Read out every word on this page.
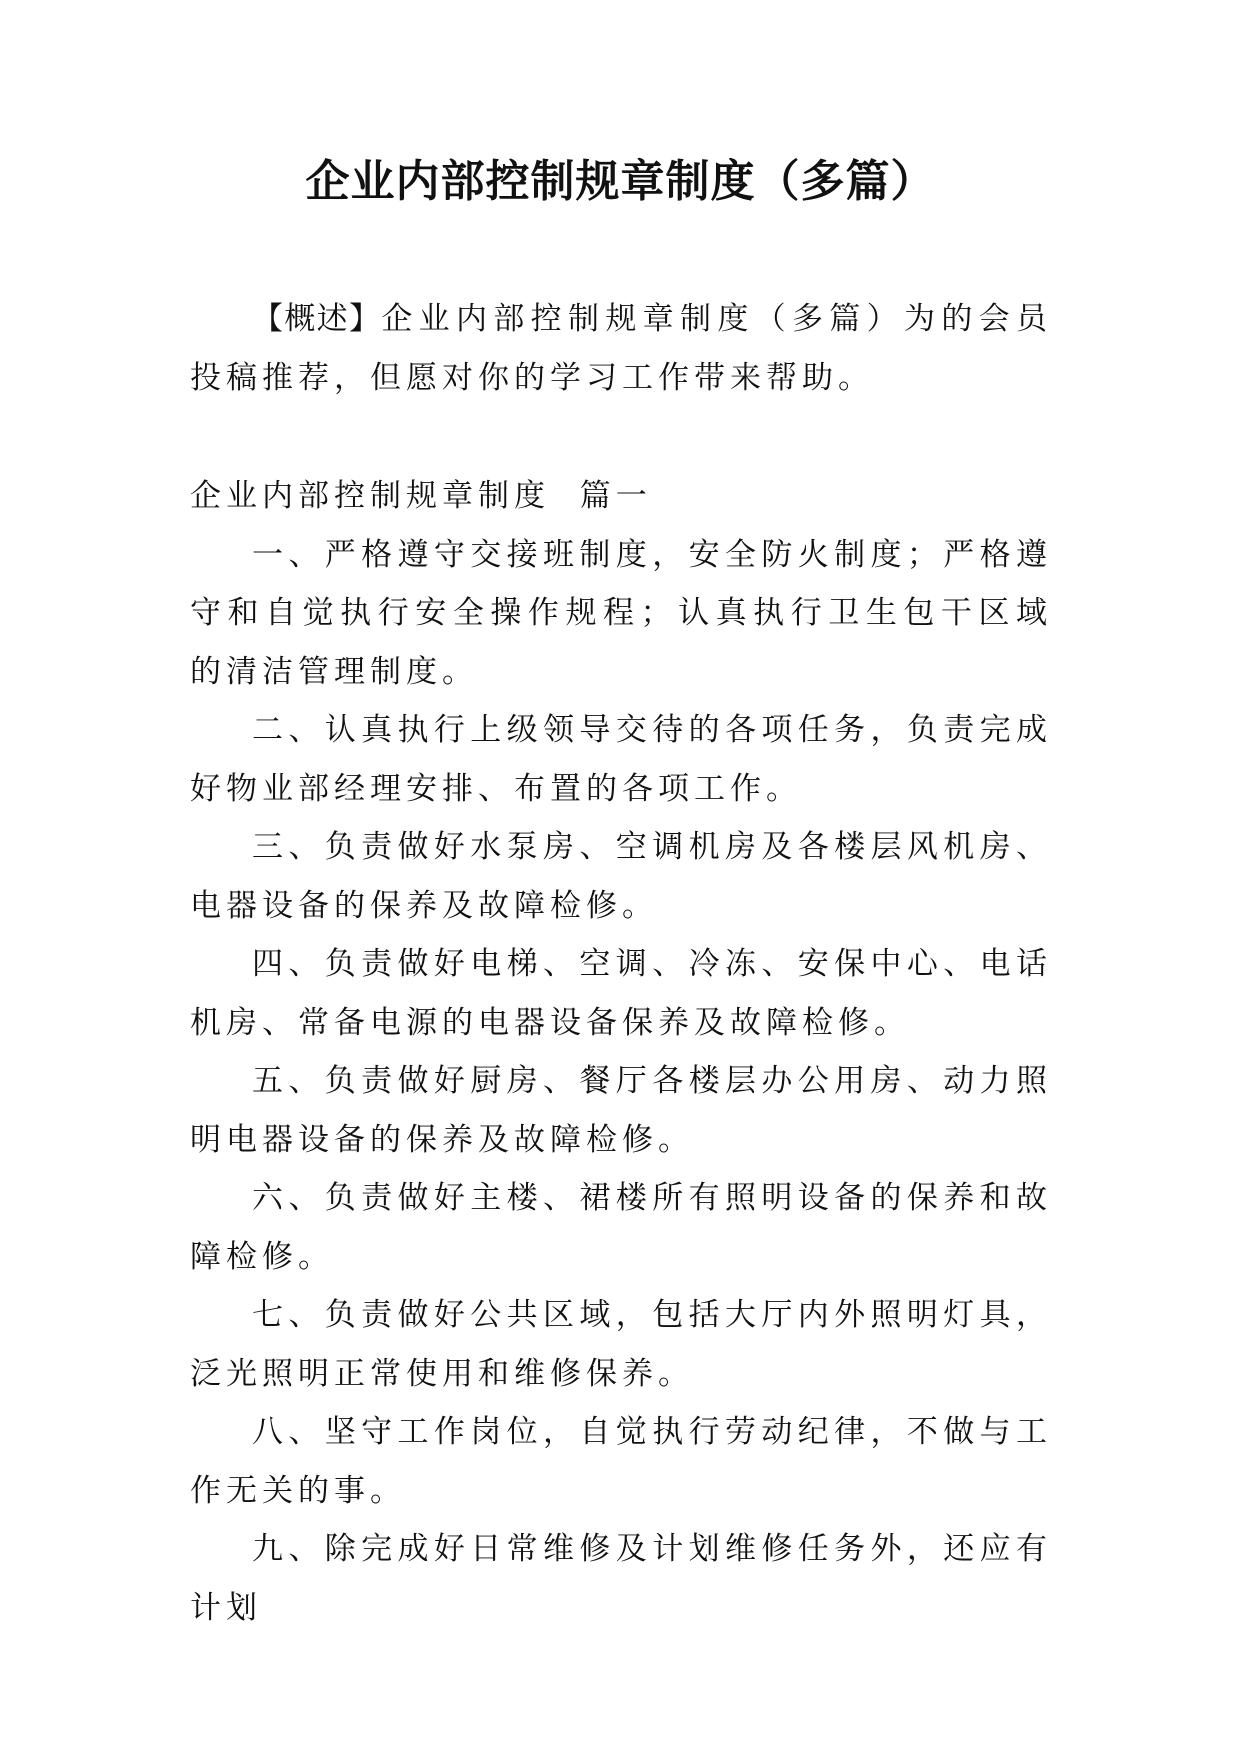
企业内部控制规章制度（多篇）

【概述】企业内部控制规章制度（多篇）为的会员投稿推荐，但愿对你的学习工作带来帮助。

企业内部控制规章制度  篇一

一、严格遵守交接班制度，安全防火制度；严格遵守和自觉执行安全操作规程；认真执行卫生包干区域的清洁管理制度。

二、认真执行上级领导交待的各项任务，负责完成好物业部经理安排、布置的各项工作。

三、负责做好水泵房、空调机房及各楼层风机房、电器设备的保养及故障检修。

四、负责做好电梯、空调、冷冻、安保中心、电话机房、常备电源的电器设备保养及故障检修。

五、负责做好厨房、餐厅各楼层办公用房、动力照明电器设备的保养及故障检修。

六、负责做好主楼、裙楼所有照明设备的保养和故障检修。

七、负责做好公共区域，包括大厅内外照明灯具，泛光照明正常使用和维修保养。

八、坚守工作岗位，自觉执行劳动纪律，不做与工作无关的事。

九、除完成好日常维修及计划维修任务外，还应有计划
